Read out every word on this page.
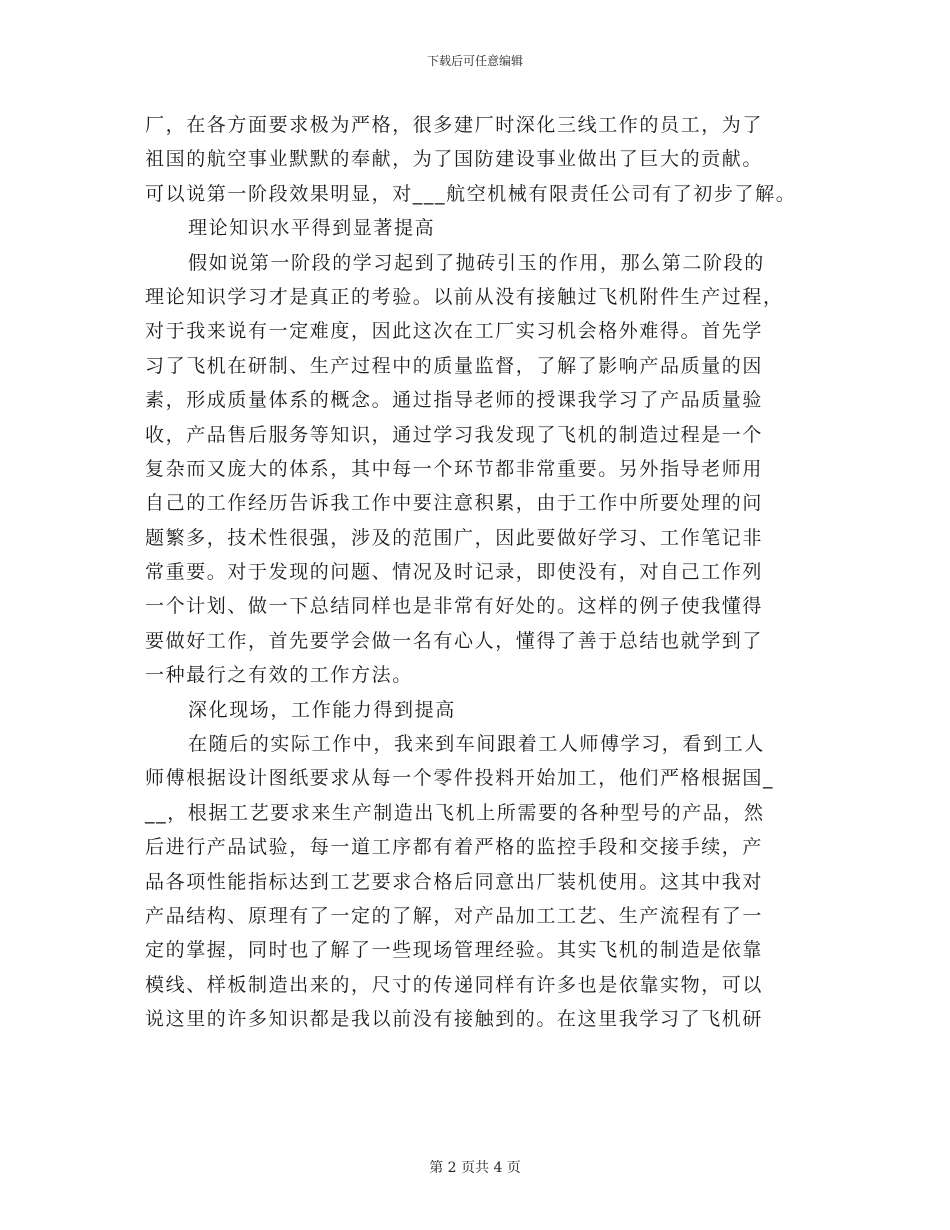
下载后可任意编辑
厂，在各方面要求极为严格，很多建厂时深化三线工作的员工，为了
祖国的航空事业默默的奉献，为了国防建设事业做出了巨大的贡献。
可以说第一阶段效果明显，对___航空机械有限责任公司有了初步了解。
理论知识水平得到显著提高
假如说第一阶段的学习起到了抛砖引玉的作用，那么第二阶段的
理论知识学习才是真正的考验。以前从没有接触过飞机附件生产过程，
对于我来说有一定难度，因此这次在工厂实习机会格外难得。首先学
习了飞机在研制、生产过程中的质量监督，了解了影响产品质量的因
素，形成质量体系的概念。通过指导老师的授课我学习了产品质量验
收，产品售后服务等知识，通过学习我发现了飞机的制造过程是一个
复杂而又庞大的体系，其中每一个环节都非常重要。另外指导老师用
自己的工作经历告诉我工作中要注意积累，由于工作中所要处理的问
题繁多，技术性很强，涉及的范围广，因此要做好学习、工作笔记非
常重要。对于发现的问题、情况及时记录，即使没有，对自己工作列
一个计划、做一下总结同样也是非常有好处的。这样的例子使我懂得
要做好工作，首先要学会做一名有心人，懂得了善于总结也就学到了
一种最行之有效的工作方法。
深化现场，工作能力得到提高
在随后的实际工作中，我来到车间跟着工人师傅学习，看到工人
师傅根据设计图纸要求从每一个零件投料开始加工，他们严格根据国_
__，根据工艺要求来生产制造出飞机上所需要的各种型号的产品，然
后进行产品试验，每一道工序都有着严格的监控手段和交接手续，产
品各项性能指标达到工艺要求合格后同意出厂装机使用。这其中我对
产品结构、原理有了一定的了解，对产品加工工艺、生产流程有了一
定的掌握，同时也了解了一些现场管理经验。其实飞机的制造是依靠
模线、样板制造出来的，尺寸的传递同样有许多也是依靠实物，可以
说这里的许多知识都是我以前没有接触到的。在这里我学习了飞机研
第 2 页共 4 页
